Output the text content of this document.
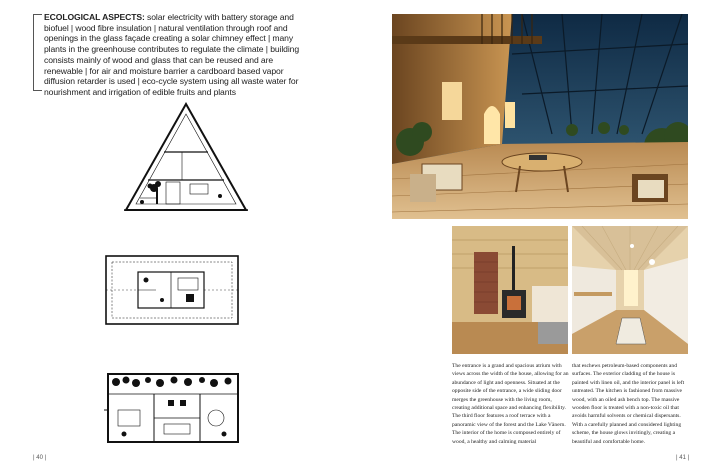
ECOLOGICAL ASPECTS: solar electricity with battery storage and biofuel | wood fibre insulation | natural ventilation through roof and openings in the glass façade creating a solar chimney effect | many plants in the greenhouse contributes to regulate the climate | building consists mainly of wood and glass that can be reused and are renewable | for air and moisture barrier a cardboard based vapor diffusion retarder is used | eco-cycle system using all waste water for nourishment and irrigation of edible fruits and plants
| 40 |
The entrance is a grand and spacious atrium with views across the width of the house, allowing for an abundance of light and openness. Situated at the opposite side of the entrance, a wide sliding door merges the greenhouse with the living room, creating additional space and enhancing flexibility. The third floor features a roof terrace with a panoramic view of the forest and the Lake Vänern. The interior of the home is composed entirely of wood, a healthy and calming material
that eschews petroleum-based components and surfaces. The exterior cladding of the house is painted with linen oil, and the interior panel is left untreated. The kitchen is fashioned from massive wood, with an oiled ash bench top. The massive wooden floor is treated with a non-toxic oil that avoids harmful solvents or chemical dispersants. With a carefully planned and considered lighting scheme, the house glows invitingly, creating a beautiful and comfortable home.
| 41 |
